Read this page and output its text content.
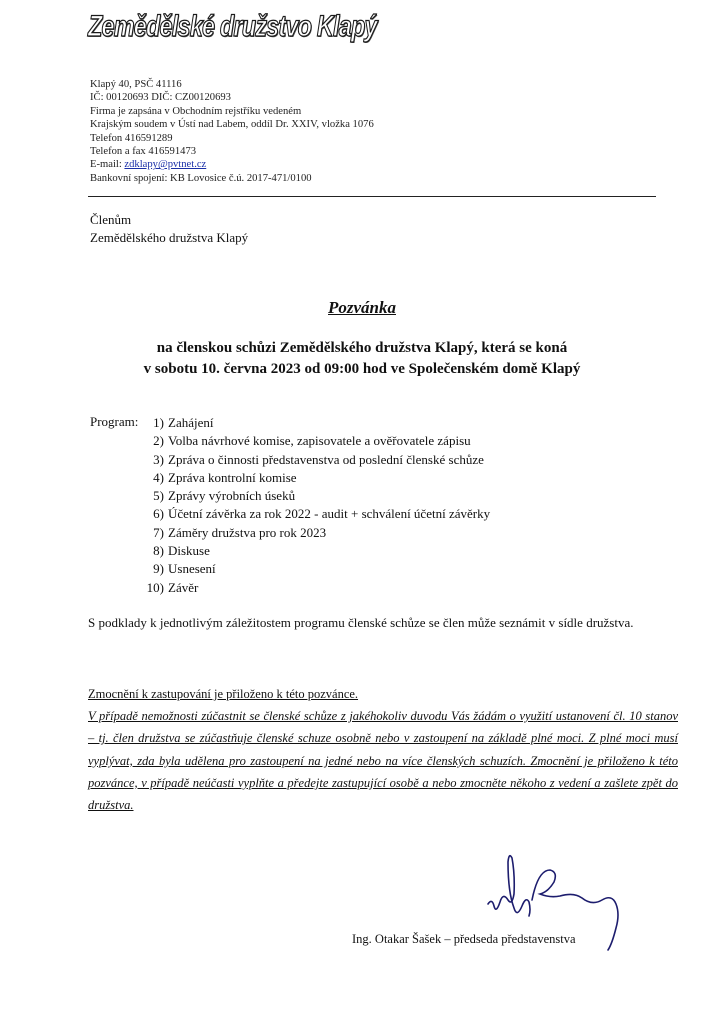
Zemědělské družstvo Klapý
Klapý 40, PSČ 41116
IČ: 00120693 DIČ: CZ00120693
Firma je zapsána v Obchodním rejstříku vedeném
Krajským soudem v Ústí nad Labem, oddíl Dr. XXIV, vložka 1076
Telefon 416591289
Telefon a fax 416591473
E-mail: zdklapy@pvtnet.cz
Bankovní spojení: KB Lovosice č.ú. 2017-471/0100
Členům
Zemědělského družstva Klapý
Pozvánka
na členskou schůzi Zemědělského družstva Klapý, která se koná
v sobotu 10. června 2023 od 09:00 hod ve Společenském domě Klapý
Program:	1) Zahájení
2) Volba návrhové komise, zapisovatele a ověřovatele zápisu
3) Zpráva o činnosti představenstva od poslední členské schůze
4) Zpráva kontrolní komise
5) Zprávy výrobních úseků
6) Účetní závěrka za rok 2022 - audit + schválení účetní závěrky
7) Záměry družstva pro rok 2023
8) Diskuse
9) Usnesení
10) Závěr
S podklady k jednotlivým záležitostem programu členské schůze se člen může seznámit v sídle družstva.
Zmocnění k zastupování je přiloženo k této pozvánce.
V případě nemožnosti zúčastnit se členské schůze z jakéhokoliv duvodu Vás žádám o využití ustanovení čl. 10 stanov – tj. člen družstva se zúčastňuje členské schuze osobně nebo v zastoupení na základě plné moci. Z plné moci musí vyplývat, zda byla udělena pro zastoupení na jedné nebo na více členských schuzích. Zmocnění je přiloženo k této pozvánce, v případě neúčasti vyplňte a předejte zastupující osobě a nebo zmocněte někoho z vedení a zašlete zpět do družstva.
Ing. Otakar Šašek – předseda představenstva
